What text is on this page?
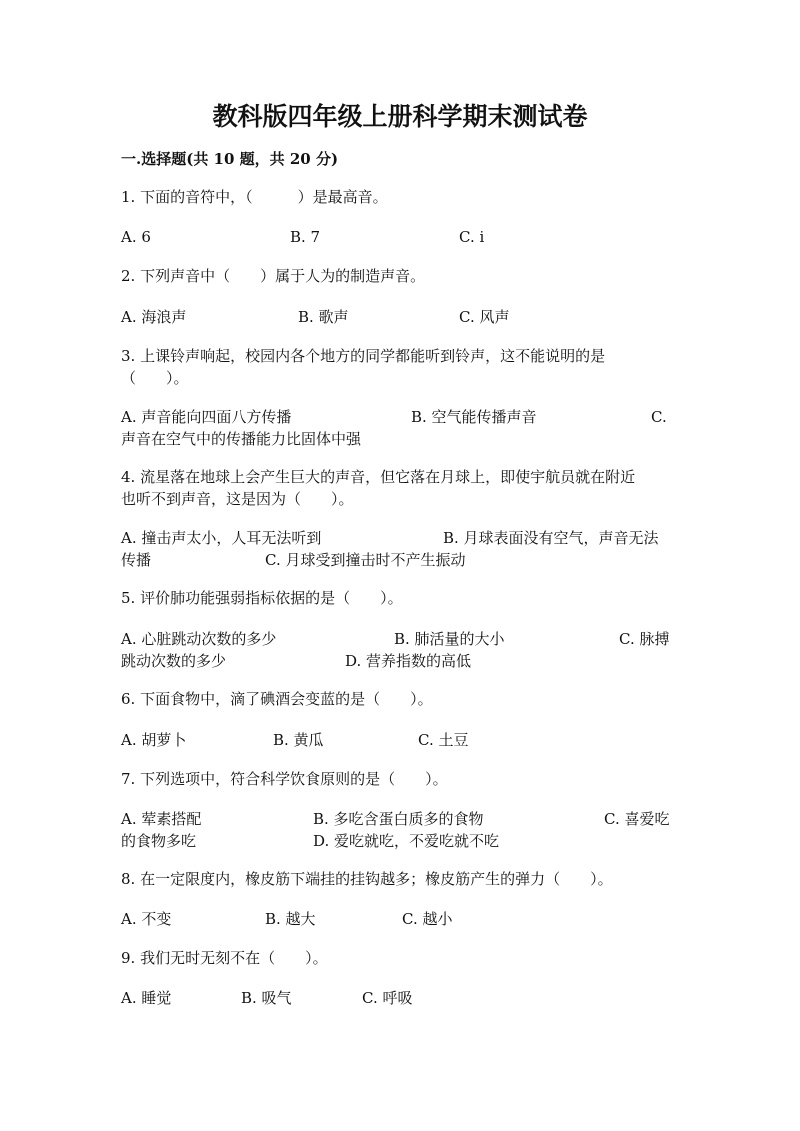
教科版四年级上册科学期末测试卷
一.选择题(共 10 题，共 20 分)
1. 下面的音符中，（　　　）是最高音。
A. 6	B. 7	C. i
2. 下列声音中（　　）属于人为的制造声音。
A. 海浪声	B. 歌声	C. 风声
3. 上课铃声响起，校园内各个地方的同学都能听到铃声，这不能说明的是
（　　）。
A. 声音能向四面八方传播	B. 空气能传播声音	C.
声音在空气中的传播能力比固体中强
4. 流星落在地球上会产生巨大的声音，但它落在月球上，即使宇航员就在附近
也听不到声音，这是因为（　　）。
A. 撞击声太小，人耳无法听到	B. 月球表面没有空气，声音无法
传播	C. 月球受到撞击时不产生振动
5. 评价肺功能强弱指标依据的是（　　）。
A. 心脏跳动次数的多少	B. 肺活量的大小	C. 脉搏
跳动次数的多少	D. 营养指数的高低
6. 下面食物中，滴了碘酒会变蓝的是（　　）。
A. 胡萝卜	B. 黄瓜	C. 土豆
7. 下列选项中，符合科学饮食原则的是（　　）。
A. 荤素搭配	B. 多吃含蛋白质多的食物	C. 喜爱吃
的食物多吃	D. 爱吃就吃，不爱吃就不吃
8. 在一定限度内，橡皮筋下端挂的挂钩越多；橡皮筋产生的弹力（　　）。
A. 不变	B. 越大	C. 越小
9. 我们无时无刻不在（　　）。
A. 睡觉	B. 吸气	C. 呼吸
